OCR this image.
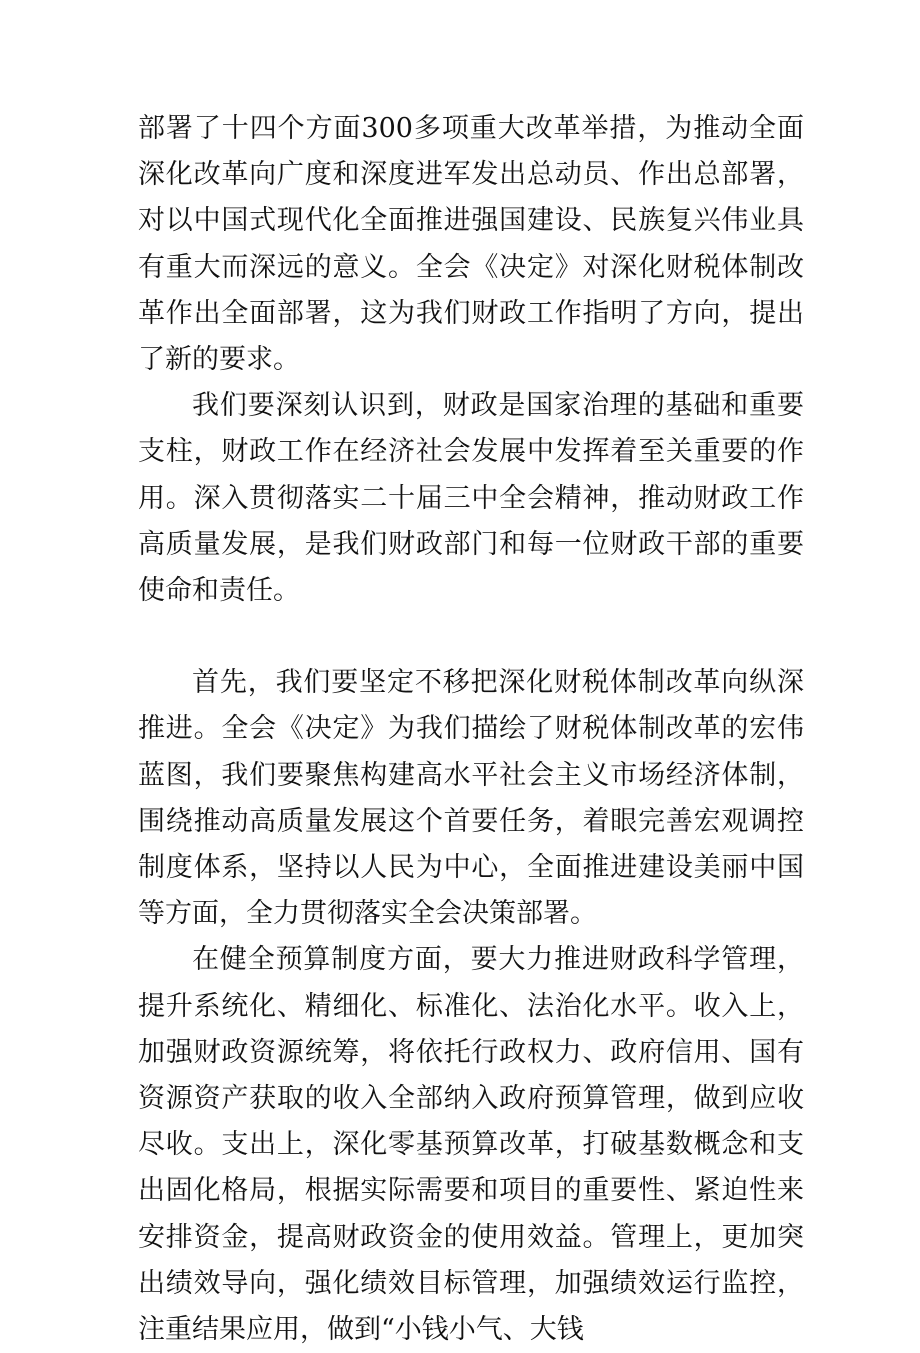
部署了十四个方面300多项重大改革举措，为推动全面深化改革向广度和深度进军发出总动员、作出总部署，对以中国式现代化全面推进强国建设、民族复兴伟业具有重大而深远的意义。全会《决定》对深化财税体制改革作出全面部署，这为我们财政工作指明了方向，提出了新的要求。

我们要深刻认识到，财政是国家治理的基础和重要支柱，财政工作在经济社会发展中发挥着至关重要的作用。深入贯彻落实二十届三中全会精神，推动财政工作高质量发展，是我们财政部门和每一位财政干部的重要使命和责任。

首先，我们要坚定不移把深化财税体制改革向纵深推进。全会《决定》为我们描绘了财税体制改革的宏伟蓝图，我们要聚焦构建高水平社会主义市场经济体制，围绕推动高质量发展这个首要任务，着眼完善宏观调控制度体系，坚持以人民为中心，全面推进建设美丽中国等方面，全力贯彻落实全会决策部署。

在健全预算制度方面，要大力推进财政科学管理，提升系统化、精细化、标准化、法治化水平。收入上，加强财政资源统筹，将依托行政权力、政府信用、国有资源资产获取的收入全部纳入政府预算管理，做到应收尽收。支出上，深化零基预算改革，打破基数概念和支出固化格局，根据实际需要和项目的重要性、紧迫性来安排资金，提高财政资金的使用效益。管理上，更加突出绩效导向，强化绩效目标管理，加强绩效运行监控，注重结果应用，做到“小钱小气、大钱
